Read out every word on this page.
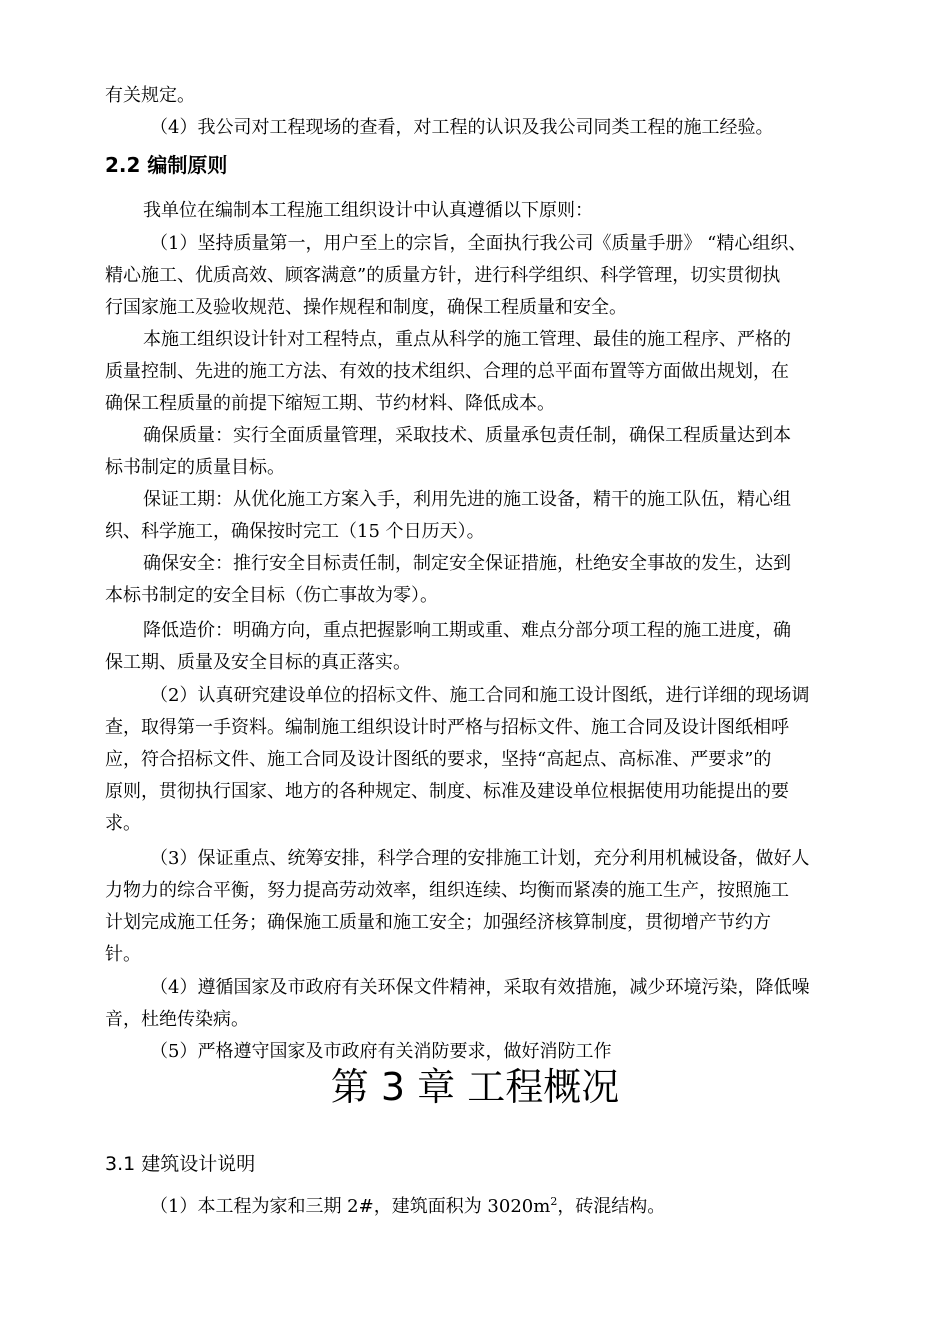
有关规定。
（4）我公司对工程现场的查看，对工程的认识及我公司同类工程的施工经验。
2.2 编制原则
我单位在编制本工程施工组织设计中认真遵循以下原则：
（1）坚持质量第一，用户至上的宗旨，全面执行我公司《质量手册》 “精心组织、
精心施工、优质高效、顾客满意”的质量方针，进行科学组织、科学管理，切实贯彻执
行国家施工及验收规范、操作规程和制度，确保工程质量和安全。
本施工组织设计针对工程特点，重点从科学的施工管理、最佳的施工程序、严格的
质量控制、先进的施工方法、有效的技术组织、合理的总平面布置等方面做出规划，在
确保工程质量的前提下缩短工期、节约材料、降低成本。
确保质量：实行全面质量管理，采取技术、质量承包责任制，确保工程质量达到本
标书制定的质量目标。
保证工期：从优化施工方案入手，利用先进的施工设备，精干的施工队伍，精心组
织、科学施工，确保按时完工（15 个日历天）。
确保安全：推行安全目标责任制，制定安全保证措施，杜绝安全事故的发生，达到
本标书制定的安全目标（伤亡事故为零）。
降低造价：明确方向，重点把握影响工期或重、难点分部分项工程的施工进度，确
保工期、质量及安全目标的真正落实。
（2）认真研究建设单位的招标文件、施工合同和施工设计图纸，进行详细的现场调
查，取得第一手资料。编制施工组织设计时严格与招标文件、施工合同及设计图纸相呼
应，符合招标文件、施工合同及设计图纸的要求，坚持“高起点、高标准、严要求”的
原则，贯彻执行国家、地方的各种规定、制度、标准及建设单位根据使用功能提出的要
求。
（3）保证重点、统筹安排，科学合理的安排施工计划，充分利用机械设备，做好人
力物力的综合平衡，努力提高劳动效率，组织连续、均衡而紧凑的施工生产，按照施工
计划完成施工任务；确保施工质量和施工安全；加强经济核算制度，贯彻增产节约方
针。
（4）遵循国家及市政府有关环保文件精神，采取有效措施，减少环境污染，降低噪
音，杜绝传染病。
（5）严格遵守国家及市政府有关消防要求，做好消防工作
第 3 章 工程概况
3.1 建筑设计说明
（1）本工程为家和三期 2#，建筑面积为 $3020m^2$，砖混结构。
